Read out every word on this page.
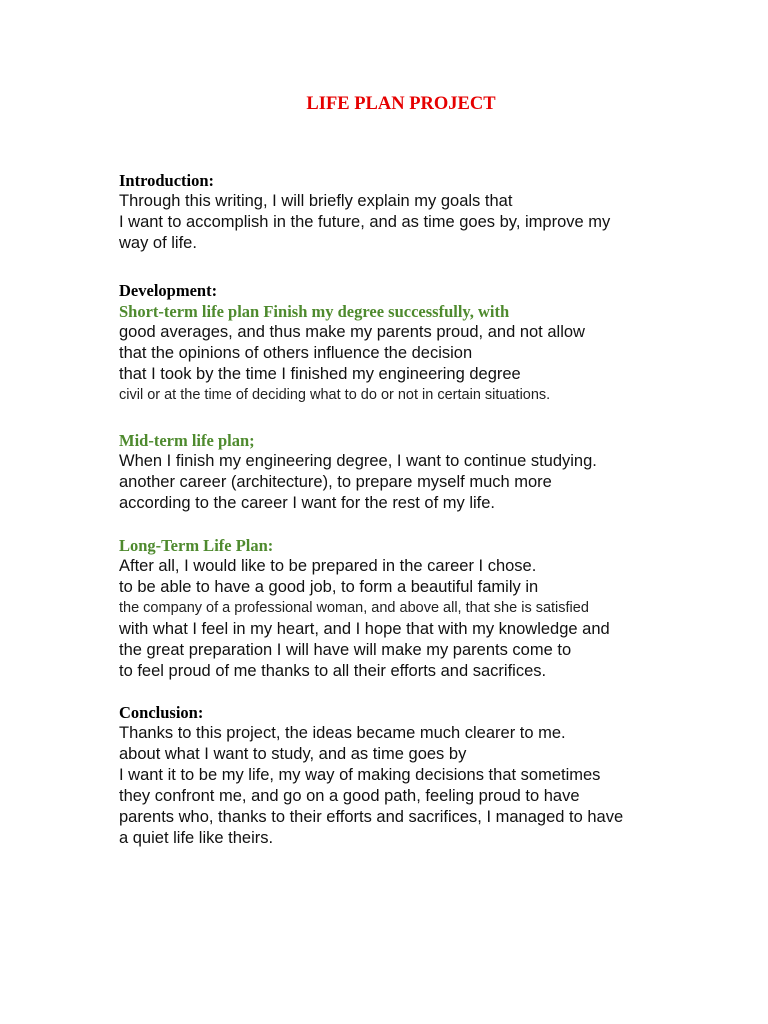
LIFE PLAN PROJECT

Introduction:

Through this writing, I will briefly explain my goals that

I want to accomplish in the future, and as time goes by, improve my

way of life.

Development:

Short-term life plan Finish my degree successfully, with

good averages, and thus make my parents proud, and not allow

that the opinions of others influence the decision

that I took by the time I finished my engineering degree

civil or at the time of deciding what to do or not in certain situations.

Mid-term life plan;

When I finish my engineering degree, I want to continue studying.

another career (architecture), to prepare myself much more

according to the career I want for the rest of my life.

Long-Term Life Plan:

After all, I would like to be prepared in the career I chose.

to be able to have a good job, to form a beautiful family in

the company of a professional woman, and above all, that she is satisfied

with what I feel in my heart, and I hope that with my knowledge and

the great preparation I will have will make my parents come to

to feel proud of me thanks to all their efforts and sacrifices.

Conclusion:

Thanks to this project, the ideas became much clearer to me.

about what I want to study, and as time goes by

I want it to be my life, my way of making decisions that sometimes

they confront me, and go on a good path, feeling proud to have

parents who, thanks to their efforts and sacrifices, I managed to have

a quiet life like theirs.
